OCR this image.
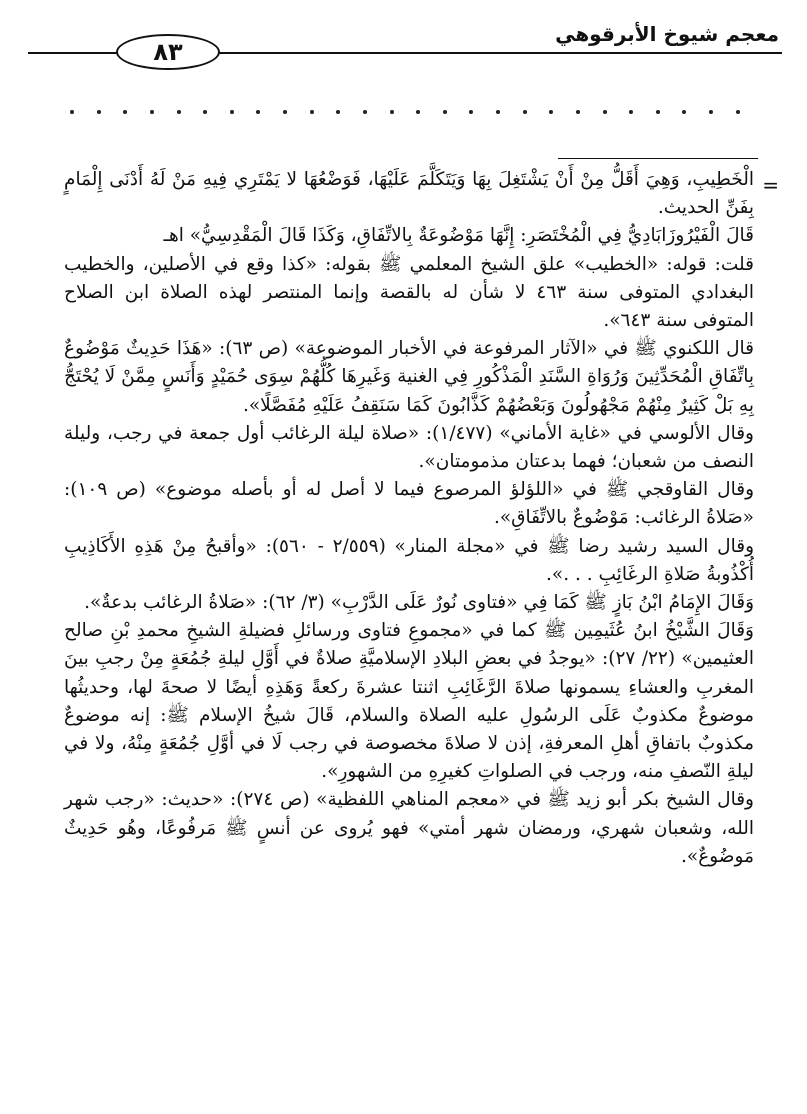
معجم شيوخ الأبرقوهي
٨٣
=

الْخَطِيبِ، وَهِيَ أَقَلُّ مِنْ أَنْ يَشْتَغِلَ بِهَا وَيَتَكَلَّمَ عَلَيْهَا، فَوَضْعُهَا لا يَمْتَرِي فِيهِ مَنْ لَهُ أَدْنَى إِلْمَامٍ بِفَنِّ الحديث.

قَالَ الْفَيْرُوزَابَادِيُّ فِي الْمُخْتَصَرِ: إِنَّهَا مَوْضُوعَةٌ بِالاتِّفَاقِ، وَكَذَا قَالَ الْمَقْدِسِيُّ» اهـ

قلت: قوله: «الخطيب» علق الشيخ المعلمي ﷺ بقوله: «كذا وقع في الأصلين، والخطيب البغدادي المتوفى سنة ٤٦٣ لا شأن له بالقصة وإنما المنتصر لهذه الصلاة ابن الصلاح المتوفى سنة ٦٤٣».

قال اللكنوي ﷺ في «الآثار المرفوعة في الأخبار الموضوعة» (ص ٦٣): «هَذَا حَدِيثٌ مَوْضُوعٌ بِاتِّفَاقِ الْمُحَدِّثِينَ وَرُوَاةِ السَّنَدِ الْمَذْكُورِ فِي الغنية وَغَيرِهَا كُلُّهُمْ سِوَى حُمَيْدٍ وَأَنَسٍ مِمَّنْ لَا يُحْتَجُّ بِهِ بَلْ كَثِيرٌ مِنْهُمْ مَجْهُولُونَ وَبَعْضُهُمْ كَذَّابُونَ كَمَا سَنَقِفُ عَلَيْهِ مُفَصَّلًا».

وقال الألوسي في «غاية الأماني» (١/٤٧٧): «صلاة ليلة الرغائب أول جمعة في رجب، وليلة النصف من شعبان؛ فهما بدعتان مذمومتان».

وقال القاوقجي ﷺ في «اللؤلؤ المرصوع فيما لا أصل له أو بأصله موضوع» (ص ١٠٩): «صَلاةُ الرغائب: مَوْضُوعٌ بالاتِّفَاقِ».

وقال السيد رشيد رضا ﷺ في «مجلة المنار» (٢/٥٥٩ - ٥٦٠): «وأقبحُ مِنْ هَذِهِ الأَكَاذِيبِ أُكْذُوبةُ صَلاةِ الرغَائِبِ . . .».

وَقَالَ الإِمَامُ ابْنُ بَازٍ ﷺ كَمَا فِي «فتاوى نُورٌ عَلَى الدَّرْبِ» (٣/ ٦٢): «صَلاةُ الرغائب بدعةٌ».

وَقَالَ الشَّيْخُ ابنُ عُثَيمِين ﷺ كما في «مجموعِ فتاوى ورسائلِ فضيلةِ الشيخِ محمدِ بْنِ صالح العثيمين» (٢٢/ ٢٧): «يوجدُ في بعضِ البلادِ الإسلاميَّةِ صلاةٌ في أَوَّلِ ليلةِ جُمُعَةٍ مِنْ رجبِ بينَ المغربِ والعشاءِ يسمونها صلاةَ الرَّغَائِبِ اثنتا عشرةَ ركعةً وَهَذِهِ أيضًا لا صحةَ لها، وحديثُها موضوعٌ مكذوبٌ عَلَى الرسُولِ عليه الصلاة والسلام، قَالَ شيخُ الإسلام ﷺ: إنه موضوعٌ مكذوبٌ باتفاقِ أهلِ المعرفةِ، إذن لا صلاةَ مخصوصة في رجب لَا في أوَّلِ جُمُعَةٍ مِنْهُ، ولا في ليلةِ النّصفِ منه، ورجب في الصلواتِ كغيرِهِ من الشهورِ».

وقال الشيخ بكر أبو زيد ﷺ في «معجم المناهي اللفظية» (ص ٢٧٤): «حديث: «رجب شهر الله، وشعبان شهري، ورمضان شهر أمتي» فهو يُروى عن أنسٍ ﷺ مَرفُوعًا، وهُو حَدِيثٌ مَوضُوعٌ».
